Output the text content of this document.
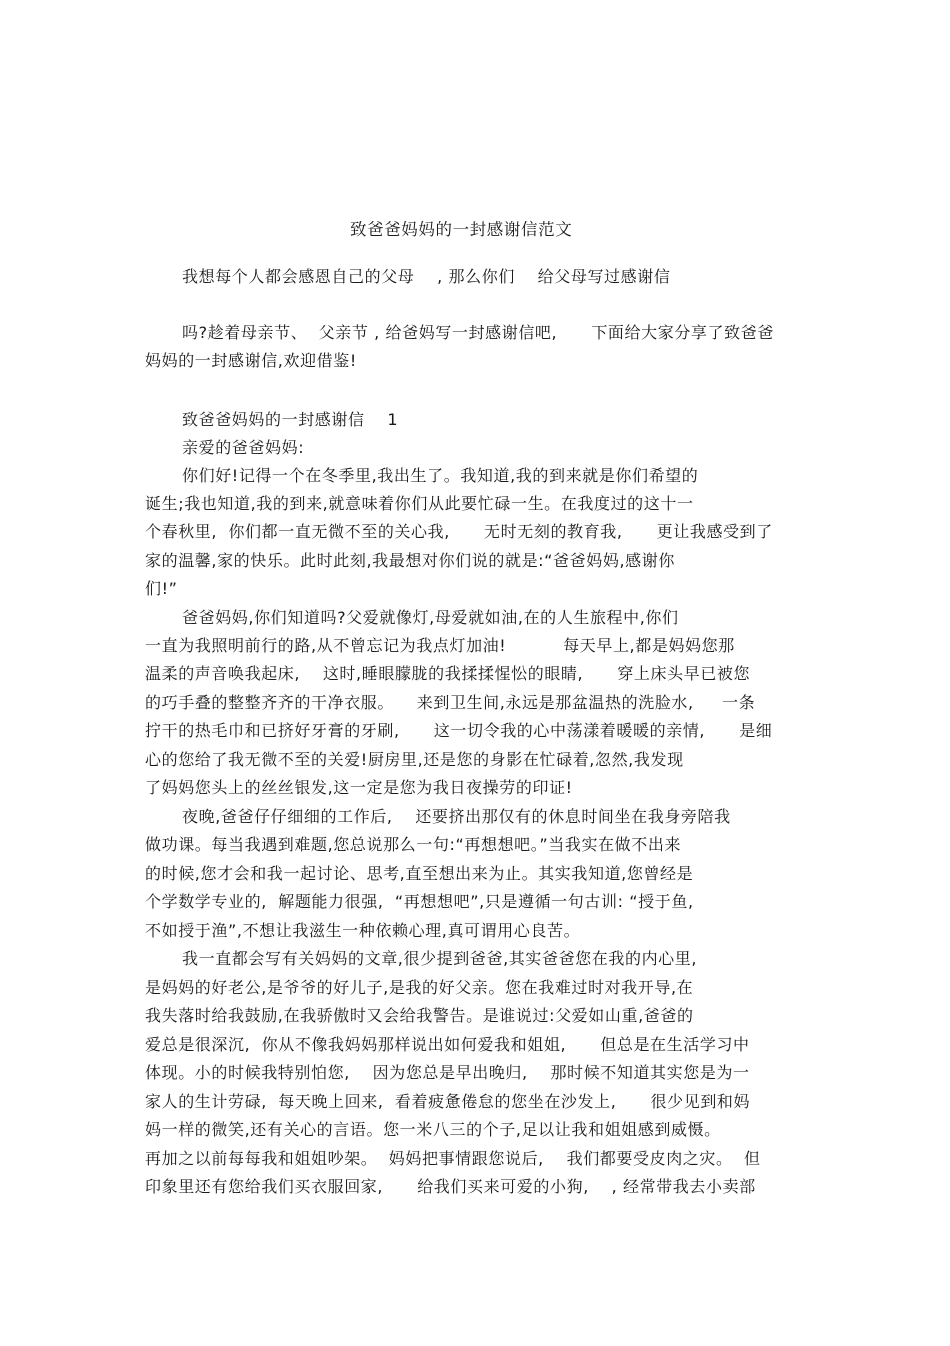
致爸爸妈妈的一封感谢信范文
我想每个人都会感恩自己的父母    , 那么你们    给父母写过感谢信
吗?趁着母亲节、  父亲节 , 给爸妈写一封感谢信吧,      下面给大家分享了致爸爸
妈妈的一封感谢信,欢迎借鉴!
致爸爸妈妈的一封感谢信    1
亲爱的爸爸妈妈:
你们好!记得一个在冬季里,我出生了。我知道,我的到来就是你们希望的
诞生;我也知道,我的到来,就意味着你们从此要忙碌一生。在我度过的这十一
个春秋里,  你们都一直无微不至的关心我,      无时无刻的教育我,      更让我感受到了
家的温馨,家的快乐。此时此刻,我最想对你们说的就是:“爸爸妈妈,感谢你
们!”
爸爸妈妈,你们知道吗?父爱就像灯,母爱就如油,在的人生旅程中,你们
一直为我照明前行的路,从不曾忘记为我点灯加油!          每天早上,都是妈妈您那
温柔的声音唤我起床,    这时,睡眼朦胧的我揉揉惺忪的眼睛,      穿上床头早已被您
的巧手叠的整整齐齐的干净衣服。    来到卫生间,永远是那盆温热的洗脸水,     一条
拧干的热毛巾和已挤好牙膏的牙刷,      这一切令我的心中荡漾着暖暖的亲情,      是细
心的您给了我无微不至的关爱!厨房里,还是您的身影在忙碌着,忽然,我发现
了妈妈您头上的丝丝银发,这一定是您为我日夜操劳的印证!
夜晚,爸爸仔仔细细的工作后,    还要挤出那仅有的休息时间坐在我身旁陪我
做功课。每当我遇到难题,您总说那么一句:“再想想吧。”当我实在做不出来
的时候,您才会和我一起讨论、思考,直至想出来为止。其实我知道,您曾经是
个学数学专业的,  解题能力很强,  “再想想吧”,只是遵循一句古训: “授于鱼,
不如授于渔”,不想让我滋生一种依赖心理,真可谓用心良苦。
我一直都会写有关妈妈的文章,很少提到爸爸,其实爸爸您在我的内心里,
是妈妈的好老公,是爷爷的好儿子,是我的好父亲。您在我难过时对我开导,在
我失落时给我鼓励,在我骄傲时又会给我警告。是谁说过:父爱如山重,爸爸的
爱总是很深沉,  你从不像我妈妈那样说出如何爱我和姐姐,      但总是在生活学习中
体现。小的时候我特别怕您,    因为您总是早出晚归,    那时候不知道其实您是为一
家人的生计劳碌,  每天晚上回来,  看着疲惫倦怠的您坐在沙发上,      很少见到和妈
妈一样的微笑,还有关心的言语。您一米八三的个子,足以让我和姐姐感到威慑。
再加之以前每每我和姐姐吵架。  妈妈把事情跟您说后,    我们都要受皮肉之灾。  但
印象里还有您给我们买衣服回家,      给我们买来可爱的小狗,    , 经常带我去小卖部
